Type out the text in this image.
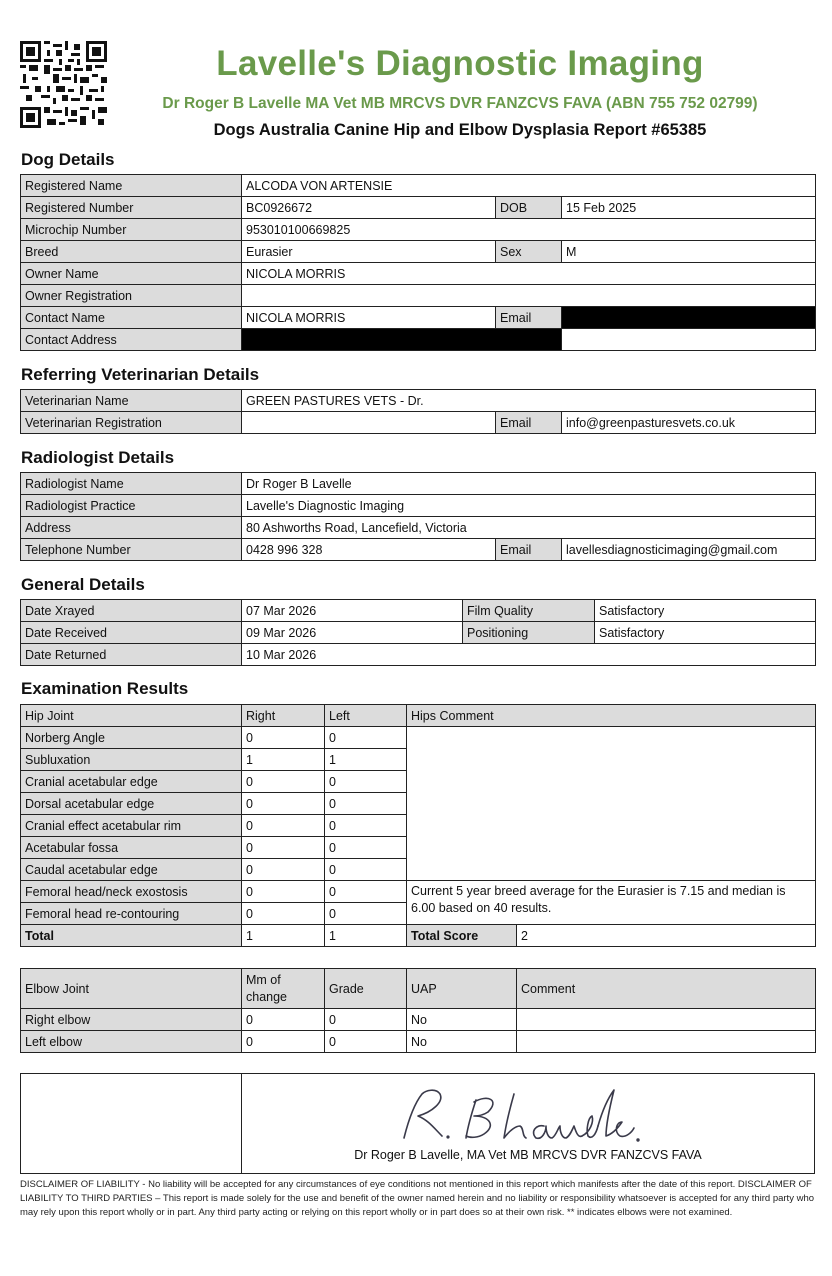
Lavelle's Diagnostic Imaging
Dr Roger B Lavelle MA Vet MB MRCVS DVR FANZCVS FAVA (ABN 755 752 02799)
Dogs Australia Canine Hip and Elbow Dysplasia Report #65385
Dog Details
Registered Name	ALCODA VON ARTENSIE		
Registered Number	BC0926672	DOB	15 Feb 2025
Microchip Number	953010100669825		
Breed	Eurasier	Sex	M
Owner Name	NICOLA MORRIS		
Owner Registration			
Contact Name	NICOLA MORRIS	Email	
Contact Address			
Referring Veterinarian Details
Veterinarian Name	GREEN PASTURES VETS - Dr.		
Veterinarian Registration		Email	info@greenpasturesvets.co.uk
Radiologist Details
Radiologist Name	Dr Roger B Lavelle		
Radiologist Practice	Lavelle's Diagnostic Imaging		
Address	80 Ashworths Road, Lancefield, Victoria		
Telephone Number	0428 996 328	Email	lavellesdiagnosticimaging@gmail.com
General Details
Date Xrayed	07 Mar 2026	Film Quality	Satisfactory
Date Received	09 Mar 2026	Positioning	Satisfactory
Date Returned	10 Mar 2026		
Examination Results
Hip Joint	Right	Left	Hips Comment	
Norberg Angle	0	0		
Subluxation	1	1		
Cranial acetabular edge	0	0		
Dorsal acetabular edge	0	0		
Cranial effect acetabular rim	0	0		
Acetabular fossa	0	0		
Caudal acetabular edge	0	0		
Femoral head/neck exostosis	0	0	Current 5 year breed average for the Eurasier is 7.15 and median is 6.00 based on 40 results.	
Femoral head re-contouring	0	0		
Total	1	1	Total Score	2
Elbow Joint	Mm of change	Grade	UAP	Comment
Right elbow	0	0	No	
Left elbow	0	0	No	
Dr Roger B Lavelle, MA Vet MB MRCVS DVR FANZCVS FAVA
DISCLAIMER OF LIABILITY - No liability will be accepted for any circumstances of eye conditions not mentioned in this report which manifests after the date of this report. DISCLAIMER OF LIABILITY TO THIRD PARTIES – This report is made solely for the use and benefit of the owner named herein and no liability or responsibility whatsoever is accepted for any third party who may rely upon this report wholly or in part. Any third party acting or relying on this report wholly or in part does so at their own risk. ** indicates elbows were not examined.
